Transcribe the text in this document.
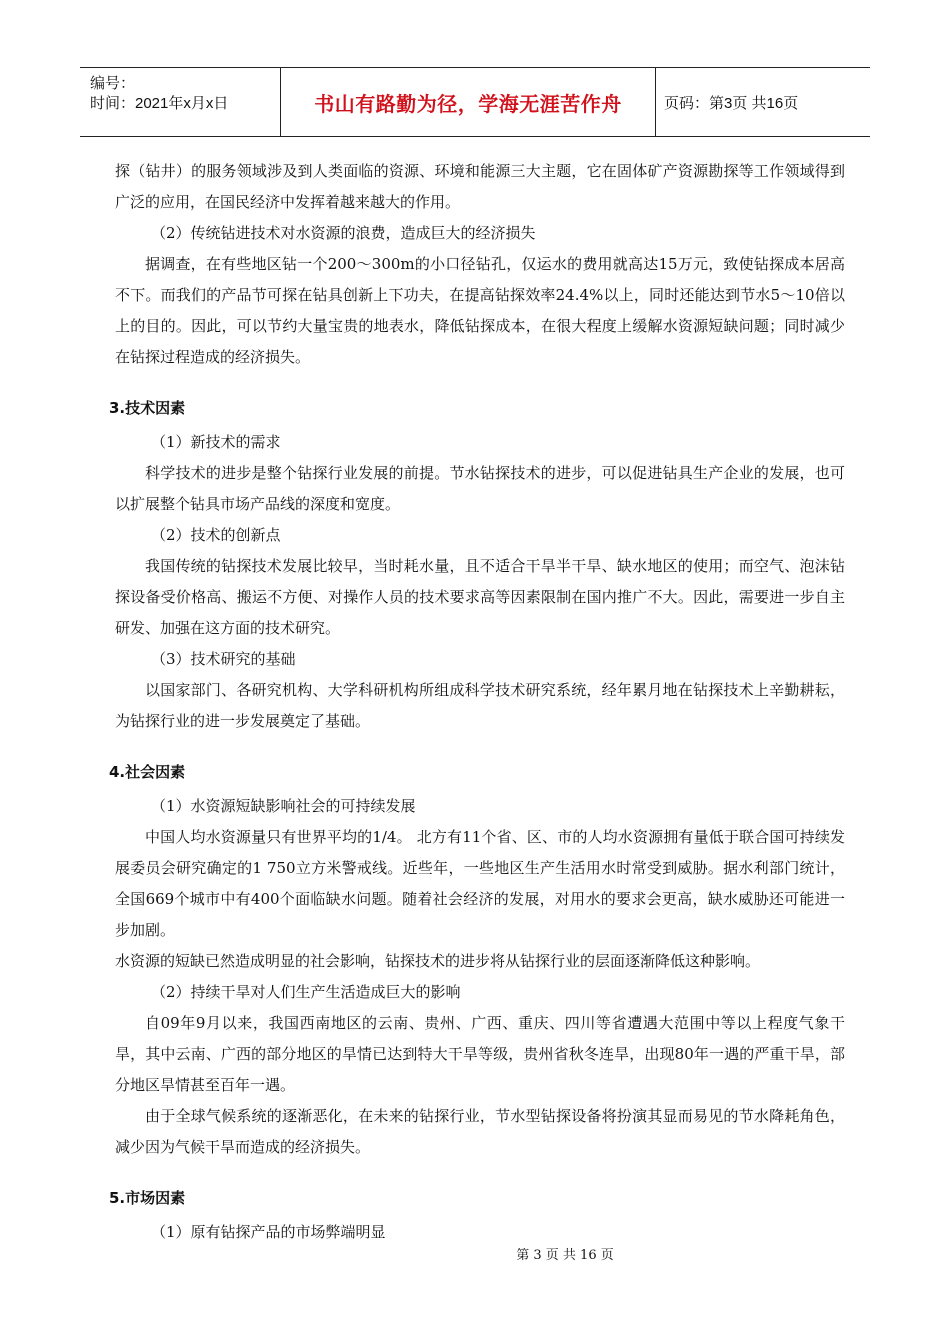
编号：
时间：2021年x月x日	书山有路勤为径，学海无涯苦作舟	页码：第3页 共16页

探（钻井）的服务领域涉及到人类面临的资源、环境和能源三大主题，它在固体矿产资源勘探等工作领域得到广泛的应用，在国民经济中发挥着越来越大的作用。

（2）传统钻进技术对水资源的浪费，造成巨大的经济损失

据调查，在有些地区钻一个200～300m的小口径钻孔，仅运水的费用就高达15万元，致使钻探成本居高不下。而我们的产品节可探在钻具创新上下功夫，在提高钻探效率24.4%以上，同时还能达到节水5～10倍以上的目的。因此，可以节约大量宝贵的地表水，降低钻探成本，在很大程度上缓解水资源短缺问题；同时减少在钻探过程造成的经济损失。

3.技术因素

（1）新技术的需求

科学技术的进步是整个钻探行业发展的前提。节水钻探技术的进步，可以促进钻具生产企业的发展，也可以扩展整个钻具市场产品线的深度和宽度。

（2）技术的创新点

我国传统的钻探技术发展比较早，当时耗水量，且不适合干旱半干旱、缺水地区的使用；而空气、泡沫钻探设备受价格高、搬运不方便、对操作人员的技术要求高等因素限制在国内推广不大。因此，需要进一步自主研发、加强在这方面的技术研究。

（3）技术研究的基础

以国家部门、各研究机构、大学科研机构所组成科学技术研究系统，经年累月地在钻探技术上辛勤耕耘，为钻探行业的进一步发展奠定了基础。

4.社会因素

（1）水资源短缺影响社会的可持续发展

中国人均水资源量只有世界平均的1/4。 北方有11个省、区、市的人均水资源拥有量低于联合国可持续发展委员会研究确定的1 750立方米警戒线。近些年，一些地区生产生活用水时常受到威胁。据水利部门统计，全国669个城市中有400个面临缺水问题。随着社会经济的发展，对用水的要求会更高，缺水威胁还可能进一步加剧。

水资源的短缺已然造成明显的社会影响，钻探技术的进步将从钻探行业的层面逐渐降低这种影响。

（2）持续干旱对人们生产生活造成巨大的影响

自09年9月以来，我国西南地区的云南、贵州、广西、重庆、四川等省遭遇大范围中等以上程度气象干旱，其中云南、广西的部分地区的旱情已达到特大干旱等级，贵州省秋冬连旱，出现80年一遇的严重干旱，部分地区旱情甚至百年一遇。

由于全球气候系统的逐渐恶化，在未来的钻探行业，节水型钻探设备将扮演其显而易见的节水降耗角色，减少因为气候干旱而造成的经济损失。

5.市场因素

（1）原有钻探产品的市场弊端明显

第 3 页 共 16 页
